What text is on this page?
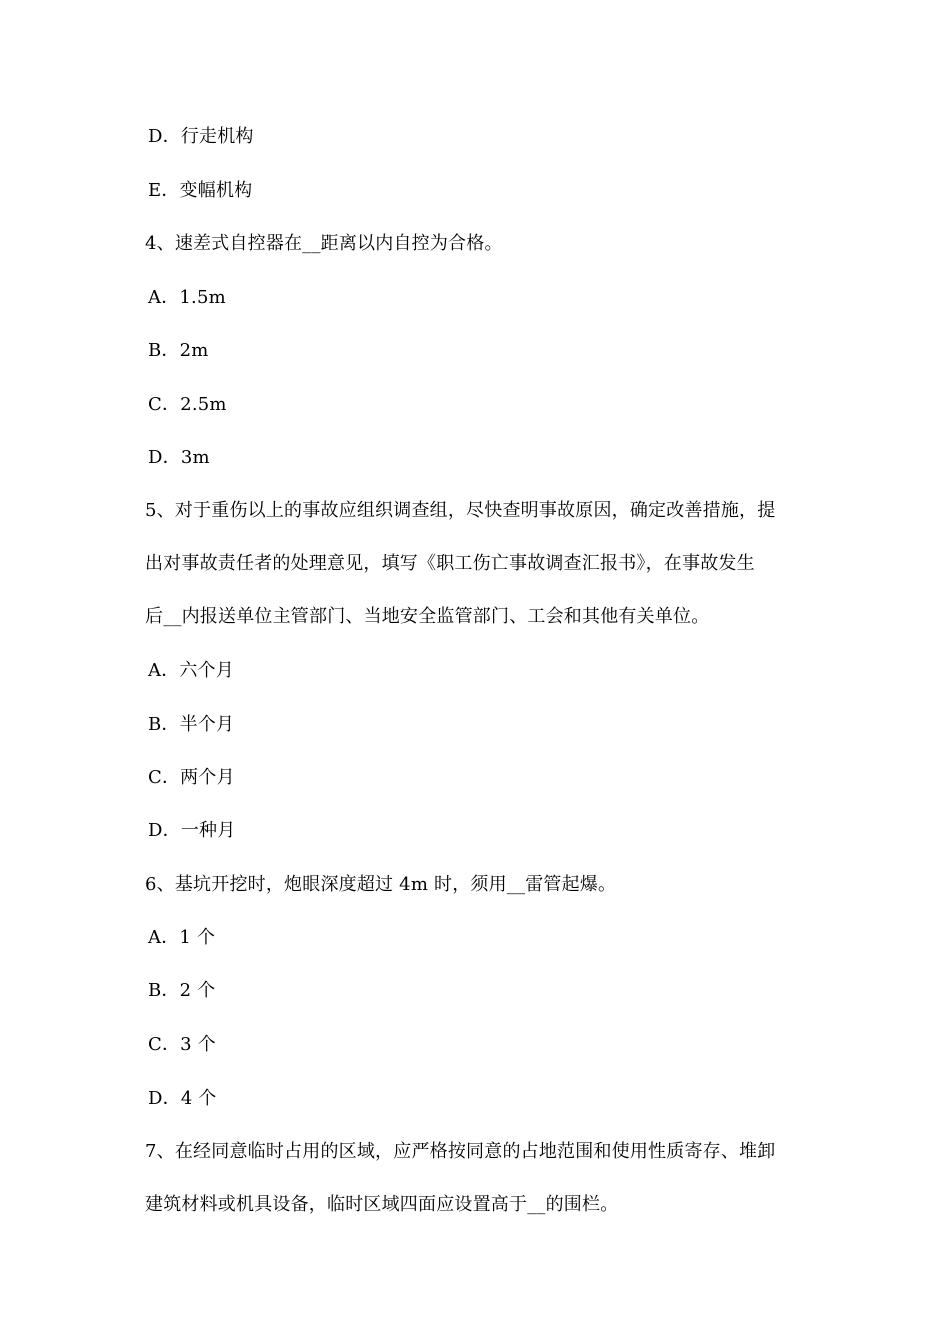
D．行走机构
E．变幅机构
4、速差式自控器在__距离以内自控为合格。
A．1.5m
B．2m
C．2.5m
D．3m
5、对于重伤以上的事故应组织调查组，尽快查明事故原因，确定改善措施，提
出对事故责任者的处理意见，填写《职工伤亡事故调查汇报书》，在事故发生
后__内报送单位主管部门、当地安全监管部门、工会和其他有关单位。
A．六个月
B．半个月
C．两个月
D．一种月
6、基坑开挖时，炮眼深度超过 4m 时，须用__雷管起爆。
A．1 个
B．2 个
C．3 个
D．4 个
7、在经同意临时占用的区域，应严格按同意的占地范围和使用性质寄存、堆卸
建筑材料或机具设备，临时区域四面应设置高于__的围栏。
